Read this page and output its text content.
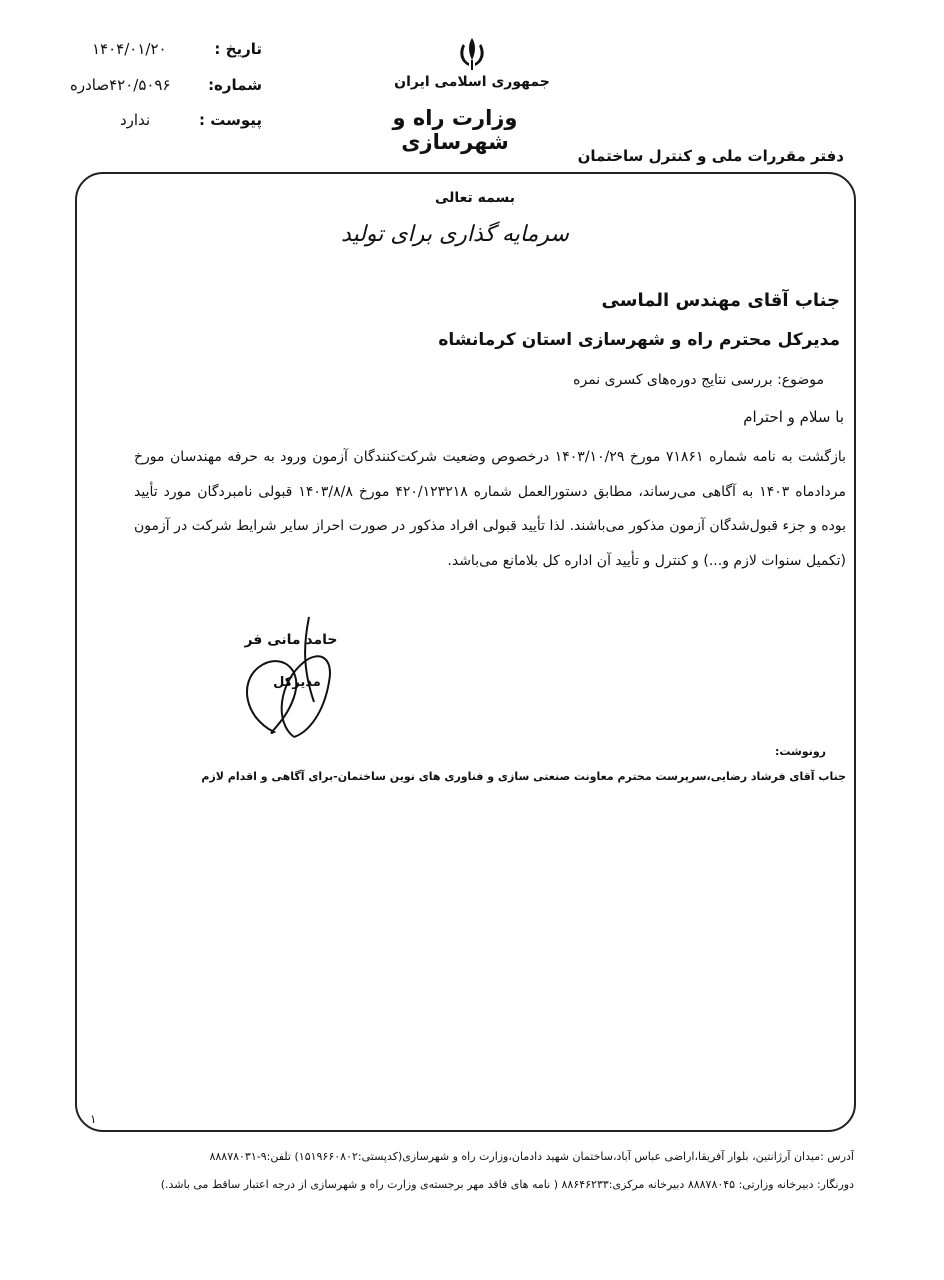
تاریخ :
۱۴۰۴/۰۱/۲۰
شماره:
۴۲۰/۵۰۹۶صادره
پیوست :
ندارد
جمهوری اسلامی ایران
وزارت راه و شهرسازی
دفتر مقررات ملی و کنترل ساختمان
بسمه تعالی
سرمایه گذاری برای تولید
جناب آقای مهندس الماسی
مدیرکل محترم راه و شهرسازی استان کرمانشاه
موضوع: بررسی نتایج دوره‌های کسری نمره
با سلام و احترام
بازگشت به نامه شماره ۷۱۸۶۱ مورخ ۱۴۰۳/۱۰/۲۹ درخصوص وضعیت شرکت‌کنندگان آزمون ورود به حرفه مهندسان مورخ مردادماه ۱۴۰۳ به آگاهی می‌رساند، مطابق دستورالعمل شماره ۴۲۰/۱۲۳۲۱۸ مورخ ۱۴۰۳/۸/۸ قبولی نامبردگان مورد تأیید بوده و جزء قبول‌شدگان آزمون مذکور می‌باشند. لذا تأیید قبولی افراد مذکور در صورت احراز سایر شرایط شرکت در آزمون (تکمیل سنوات لازم و...) و کنترل و تأیید آن اداره کل بلامانع می‌باشد.
حامد مانی فر
مدیرکل
رونوشت:
جناب آقای فرشاد رضایی،سرپرست محترم معاونت صنعتی سازی و فناوری های نوین ساختمان-برای آگاهی و اقدام لازم
۱
آدرس :میدان آرژانتین، بلوار آفریقا،اراضی عباس آباد،ساختمان شهید دادمان،وزارت راه و شهرسازی(کدپستی:۱۵۱۹۶۶۰۸۰۲) تلفن:۹-۸۸۸۷۸۰۳۱
دورنگار: دبیرخانه وزارتی: ۸۸۸۷۸۰۴۵ دبیرخانه مرکزی:۸۸۶۴۶۲۳۳ ( نامه های فاقد مهر برجسته‌ی وزارت راه و شهرسازی از درجه اعتبار ساقط می باشد.)
